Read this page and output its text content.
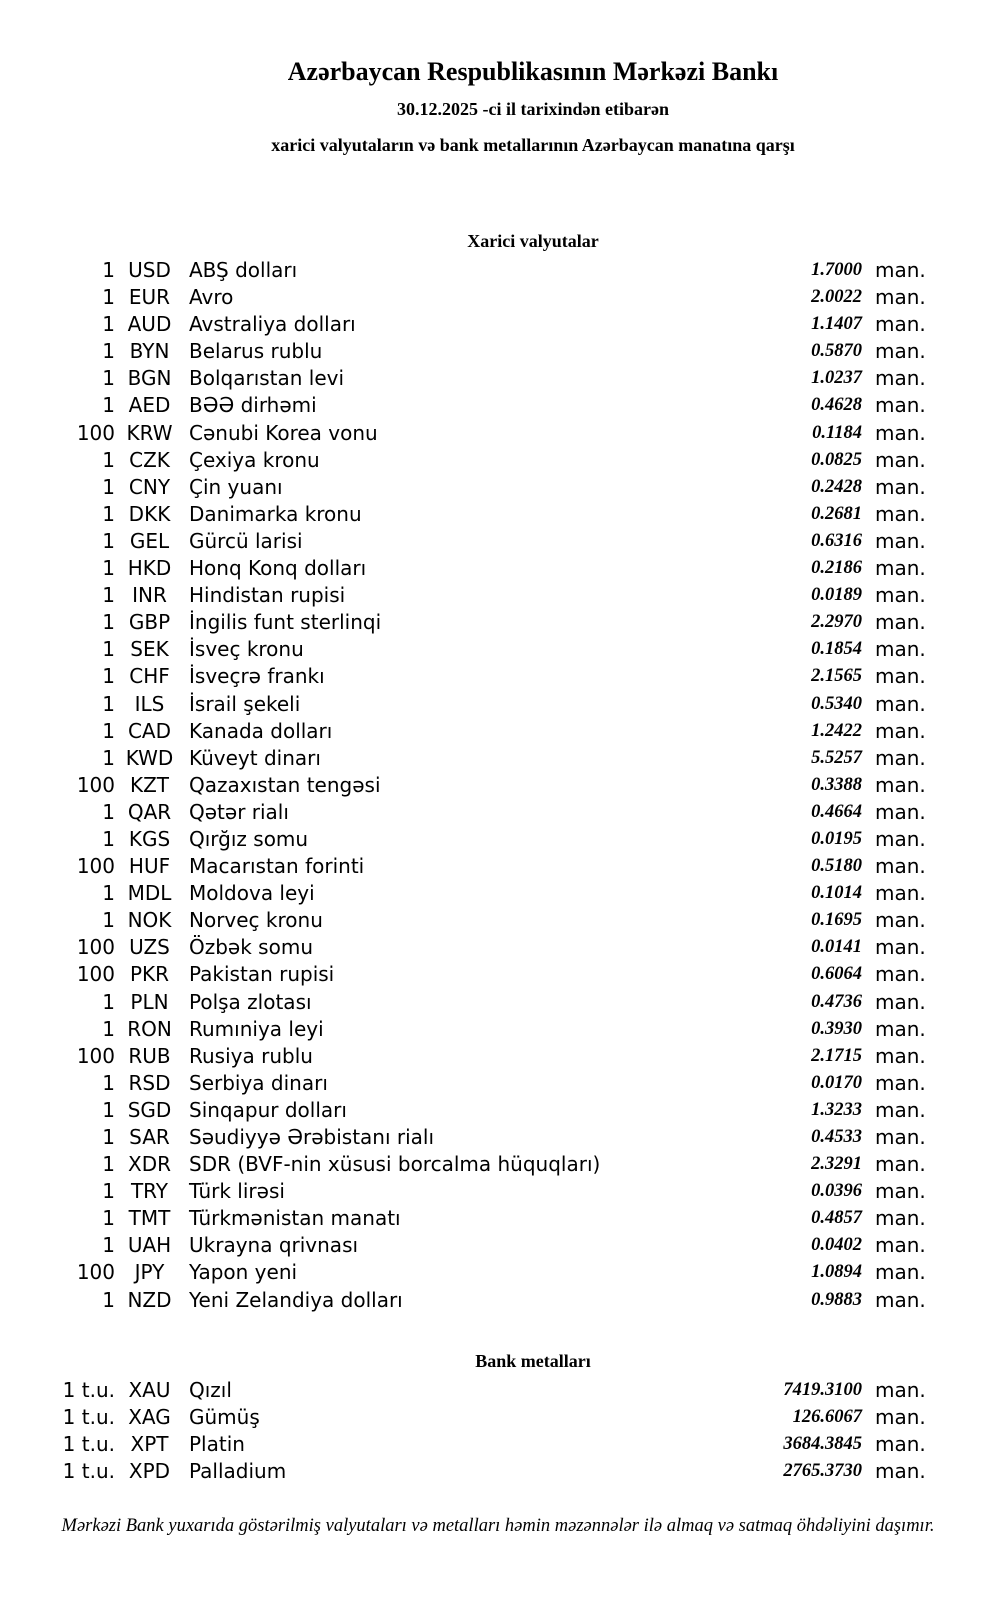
Azərbaycan Respublikasının Mərkəzi Bankı
30.12.2025 -ci il tarixindən etibarən
xarici valyutaların və bank metallarının Azərbaycan manatına qarşı
Xarici valyutalar
1 USD ABŞ dolları	1.7000 man.
1 EUR Avro	2.0022 man.
1 AUD Avstraliya dolları	1.1407 man.
1 BYN Belarus rublu	0.5870 man.
1 BGN Bolqarıstan levi	1.0237 man.
1 AED BƏƏ dirhəmi	0.4628 man.
100 KRW Cənubi Korea vonu	0.1184 man.
1 CZK Çexiya kronu	0.0825 man.
1 CNY Çin yuanı	0.2428 man.
1 DKK Danimarka kronu	0.2681 man.
1 GEL Gürcü larisi	0.6316 man.
1 HKD Honq Konq dolları	0.2186 man.
1 INR	Hindistan rupisi	0.0189 man.
1 GBP İngilis funt sterlinqi	2.2970 man.
1 SEK	İsveç kronu	0.1854 man.
1 CHF İsveçrə frankı	2.1565 man.
1 ILS	İsrail şekeli	0.5340 man.
1 CAD Kanada dolları	1.2422 man.
1 KWD Küveyt dinarı	5.5257 man.
100 KZT Qazaxıstan tengəsi	0.3388 man.
1 QAR Qətər rialı	0.4664 man.
1 KGS Qırğız somu	0.0195 man.
100 HUF Macarıstan forinti	0.5180 man.
1 MDL Moldova leyi	0.1014 man.
1 NOK Norveç kronu	0.1695 man.
100 UZS Özbək somu	0.0141 man.
100 PKR Pakistan rupisi	0.6064 man.
1 PLN	Polşa zlotası	0.4736 man.
1 RON Rumıniya leyi	0.3930 man.
100 RUB Rusiya rublu	2.1715 man.
1 RSD Serbiya dinarı	0.0170 man.
1 SGD Sinqapur dolları	1.3233 man.
1 SAR Səudiyyə Ərəbistanı rialı	0.4533 man.
1 XDR SDR (BVF-nin xüsusi borcalma hüquqları)	2.3291 man.
1 TRY	Türk lirəsi	0.0396 man.
1 TMT Türkmənistan manatı	0.4857 man.
1 UAH Ukrayna qrivnası	0.0402 man.
100 JPY	Yapon yeni	1.0894 man.
1 NZD Yeni Zelandiya dolları	0.9883 man.
Bank metalları
1 t.u. XAU Qızıl	7419.3100 man.
1 t.u. XAG Gümüş	126.6067 man.
1 t.u. XPT	Platin	3684.3845 man.
1 t.u. XPD Palladium	2765.3730 man.
Mərkəzi Bank yuxarıda göstərilmiş valyutaları və metalları həmin məzənnələr ilə almaq və satmaq öhdəliyini daşımır.
